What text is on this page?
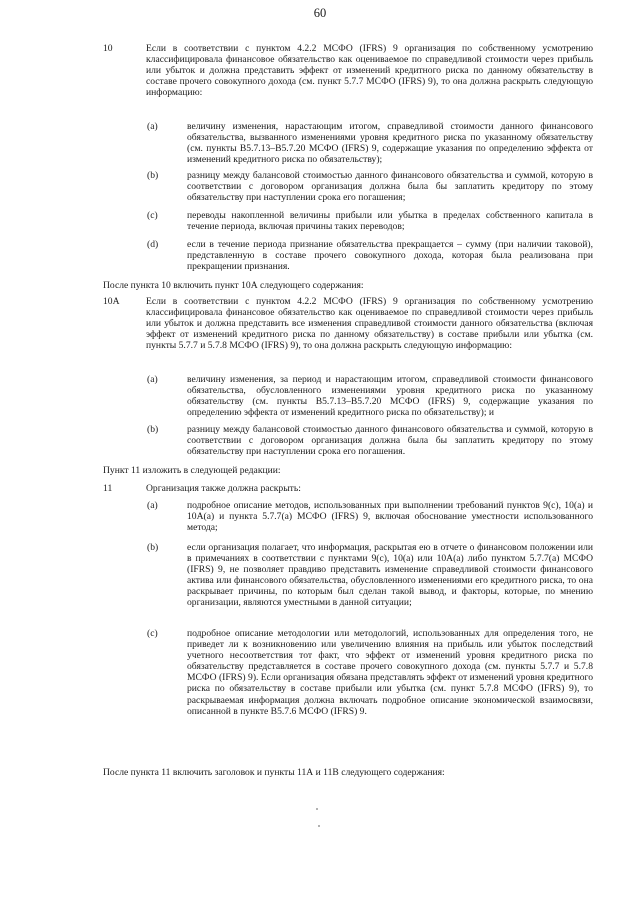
60
10	Если в соответствии с пунктом 4.2.2 МСФО (IFRS) 9 организация по собственному усмотрению классифицировала финансовое обязательство как оцениваемое по справедливой стоимости через прибыль или убыток и должна представить эффект от изменений кредитного риска по данному обязательству в составе прочего совокупного дохода (см. пункт 5.7.7 МСФО (IFRS) 9), то она должна раскрыть следующую информацию:
(a)	величину изменения, нарастающим итогом, справедливой стоимости данного финансового обязательства, вызванного изменениями уровня кредитного риска по указанному обязательству (см. пункты B5.7.13–B5.7.20 МСФО (IFRS) 9, содержащие указания по определению эффекта от изменений кредитного риска по обязательству);
(b)	разницу между балансовой стоимостью данного финансового обязательства и суммой, которую в соответствии с договором организация должна была бы заплатить кредитору по этому обязательству при наступлении срока его погашения;
(c)	переводы накопленной величины прибыли или убытка в пределах собственного капитала в течение периода, включая причины таких переводов;
(d)	если в течение периода признание обязательства прекращается – сумму (при наличии таковой), представленную в составе прочего совокупного дохода, которая была реализована при прекращении признания.
После пункта 10 включить пункт 10А следующего содержания:
10А	Если в соответствии с пунктом 4.2.2 МСФО (IFRS) 9 организация по собственному усмотрению классифицировала финансовое обязательство как оцениваемое по справедливой стоимости через прибыль или убыток и должна представить все изменения справедливой стоимости данного обязательства (включая эффект от изменений кредитного риска по данному обязательству) в составе прибыли или убытка (см. пункты 5.7.7 и 5.7.8 МСФО (IFRS) 9), то она должна раскрыть следующую информацию:
(a)	величину изменения, за период и нарастающим итогом, справедливой стоимости финансового обязательства, обусловленного изменениями уровня кредитного риска по указанному обязательству (см. пункты B5.7.13–B5.7.20 МСФО (IFRS) 9, содержащие указания по определению эффекта от изменений кредитного риска по обязательству); и
(b)	разницу между балансовой стоимостью данного финансового обязательства и суммой, которую в соответствии с договором организация должна была бы заплатить кредитору по этому обязательству при наступлении срока его погашения.
Пункт 11 изложить в следующей редакции:
11	Организация также должна раскрыть:
(a)	подробное описание методов, использованных при выполнении требований пунктов 9(с), 10(а) и 10А(а) и пункта 5.7.7(а) МСФО (IFRS) 9, включая обоснование уместности использованного метода;
(b)	если организация полагает, что информация, раскрытая ею в отчете о финансовом положении или в примечаниях в соответствии с пунктами 9(с), 10(а) или 10А(а) либо пунктом 5.7.7(а) МСФО (IFRS) 9, не позволяет правдиво представить изменение справедливой стоимости финансового актива или финансового обязательства, обусловленного изменениями его кредитного риска, то она раскрывает причины, по которым был сделан такой вывод, и факторы, которые, по мнению организации, являются уместными в данной ситуации;
(c)	подробное описание методологии или методологий, использованных для определения того, не приведет ли к возникновению или увеличению влияния на прибыль или убыток последствий учетного несоответствия тот факт, что эффект от изменений уровня кредитного риска по обязательству представляется в составе прочего совокупного дохода (см. пункты 5.7.7 и 5.7.8 МСФО (IFRS) 9). Если организация обязана представлять эффект от изменений уровня кредитного риска по обязательству в составе прибыли или убытка (см. пункт 5.7.8 МСФО (IFRS) 9), то раскрываемая информация должна включать подробное описание экономической взаимосвязи, описанной в пункте B5.7.6 МСФО (IFRS) 9.
После пункта 11 включить заголовок и пункты 11А и 11В следующего содержания:
